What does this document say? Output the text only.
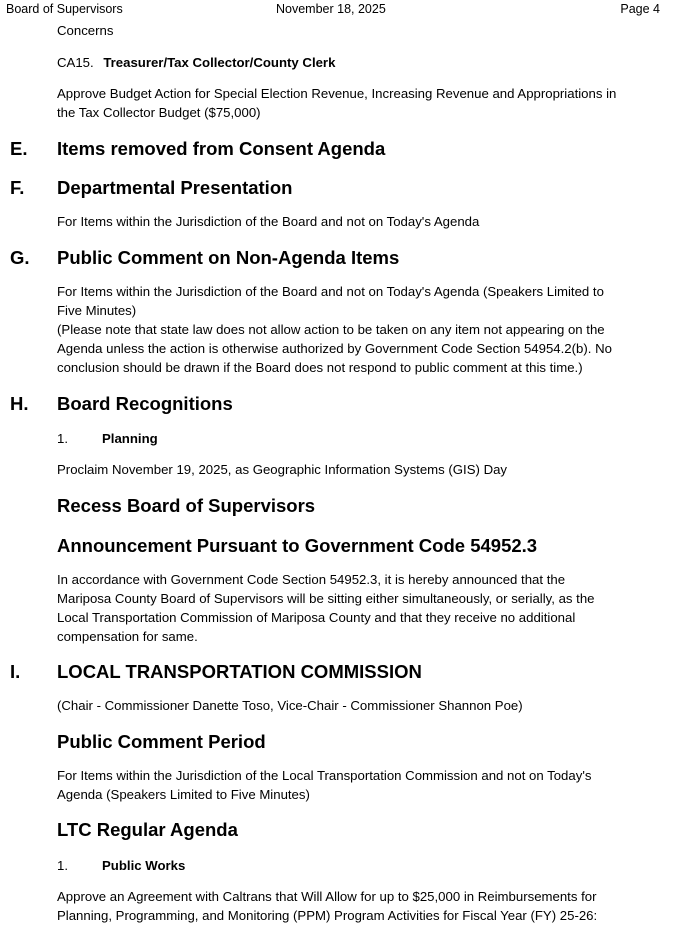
Board of Supervisors	November 18, 2025	Page 4
Concerns
CA15. Treasurer/Tax Collector/County Clerk
Approve Budget Action for Special Election Revenue, Increasing Revenue and Appropriations in
the Tax Collector Budget ($75,000)
E. Items removed from Consent Agenda
F. Departmental Presentation
For Items within the Jurisdiction of the Board and not on Today's Agenda
G. Public Comment on Non-Agenda Items
For Items within the Jurisdiction of the Board and not on Today's Agenda (Speakers Limited to
Five Minutes)
(Please note that state law does not allow action to be taken on any item not appearing on the
Agenda unless the action is otherwise authorized by Government Code Section 54954.2(b). No
conclusion should be drawn if the Board does not respond to public comment at this time.)
H. Board Recognitions
1.	Planning
Proclaim November 19, 2025, as Geographic Information Systems (GIS) Day
Recess Board of Supervisors
Announcement Pursuant to Government Code 54952.3
In accordance with Government Code Section 54952.3, it is hereby announced that the
Mariposa County Board of Supervisors will be sitting either simultaneously, or serially, as the
Local Transportation Commission of Mariposa County and that they receive no additional
compensation for same.
I. LOCAL TRANSPORTATION COMMISSION
(Chair - Commissioner Danette Toso, Vice-Chair - Commissioner Shannon Poe)
Public Comment Period
For Items within the Jurisdiction of the Local Transportation Commission and not on Today's
Agenda (Speakers Limited to Five Minutes)
LTC Regular Agenda
1.	Public Works
Approve an Agreement with Caltrans that Will Allow for up to $25,000 in Reimbursements for
Planning, Programming, and Monitoring (PPM) Program Activities for Fiscal Year (FY) 25-26:
